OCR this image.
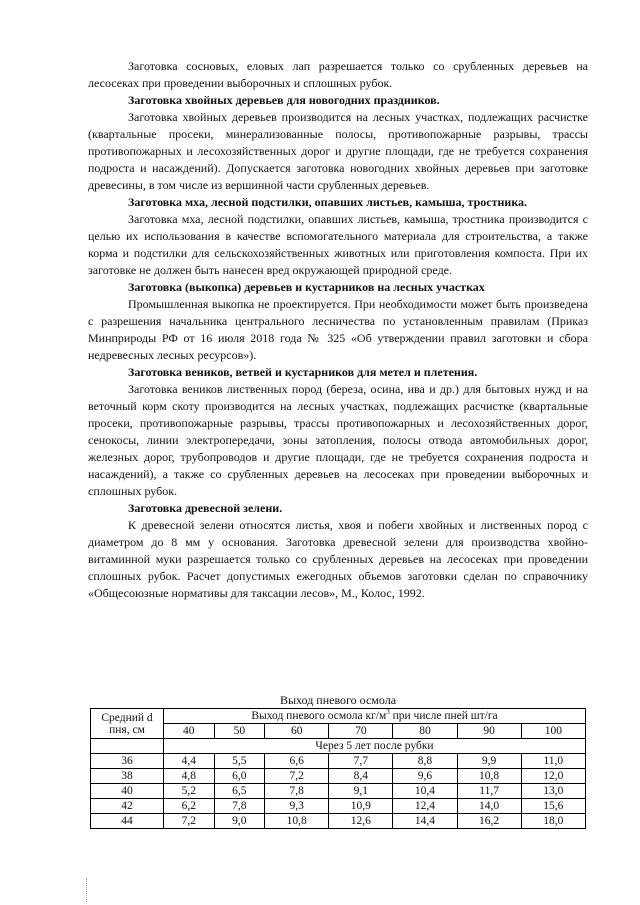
Заготовка сосновых, еловых лап разрешается только со срубленных деревьев на лесосеках при проведении выборочных и сплошных рубок.

Заготовка хвойных деревьев для новогодних праздников.

Заготовка хвойных деревьев производится на лесных участках, подлежащих расчистке (квартальные просеки, минерализованные полосы, противопожарные разрывы, трассы противопожарных и лесохозяйственных дорог и другие площади, где не требуется сохранения подроста и насаждений). Допускается заготовка новогодних хвойных деревьев при заготовке древесины, в том числе из вершинной части срубленных деревьев.

Заготовка мха, лесной подстилки, опавших листьев, камыша, тростника.

Заготовка мха, лесной подстилки, опавших листьев, камыша, тростника производится с целью их использования в качестве вспомогательного материала для строительства, а также корма и подстилки для сельскохозяйственных животных или приготовления компоста. При их заготовке не должен быть нанесен вред окружающей природной среде.

Заготовка (выкопка) деревьев и кустарников на лесных участках

Промышленная выкопка не проектируется. При необходимости может быть произведена с разрешения начальника центрального лесничества по установленным правилам (Приказ Минприроды РФ от 16 июля 2018 года № 325 «Об утверждении правил заготовки и сбора недревесных лесных ресурсов»).

Заготовка веников, ветвей и кустарников для метел и плетения.

Заготовка веников лиственных пород (береза, осина, ива и др.) для бытовых нужд и на веточный корм скоту производится на лесных участках, подлежащих расчистке (квартальные просеки, противопожарные разрывы, трассы противопожарных и лесохозяйственных дорог, сенокосы, линии электропередачи, зоны затопления, полосы отвода автомобильных дорог, железных дорог, трубопроводов и другие площади, где не требуется сохранения подроста и насаждений), а также со срубленных деревьев на лесосеках при проведении выборочных и сплошных рубок.

Заготовка древесной зелени.

К древесной зелени относятся листья, хвоя и побеги хвойных и лиственных пород с диаметром до 8 мм у основания. Заготовка древесной зелени для производства хвойно-витаминной муки разрешается только со срубленных деревьев на лесосеках при проведении сплошных рубок. Расчет допустимых ежегодных объемов заготовки сделан по справочнику «Общесоюзные нормативы для таксации лесов», М., Колос, 1992.

Выход пневого осмола
Средний d пня, см	Выход пневого осмола $кг/м^3$ при числе пней шт/га						
	40	50	60	70	80	90	100
	Через 5 лет после рубки						
36	4,4	5,5	6,6	7,7	8,8	9,9	11,0
38	4,8	6,0	7,2	8,4	9,6	10,8	12,0
40	5,2	6,5	7,8	9,1	10,4	11,7	13,0
42	6,2	7,8	9,3	10,9	12,4	14,0	15,6
44	7,2	9,0	10,8	12,6	14,4	16,2	18,0
